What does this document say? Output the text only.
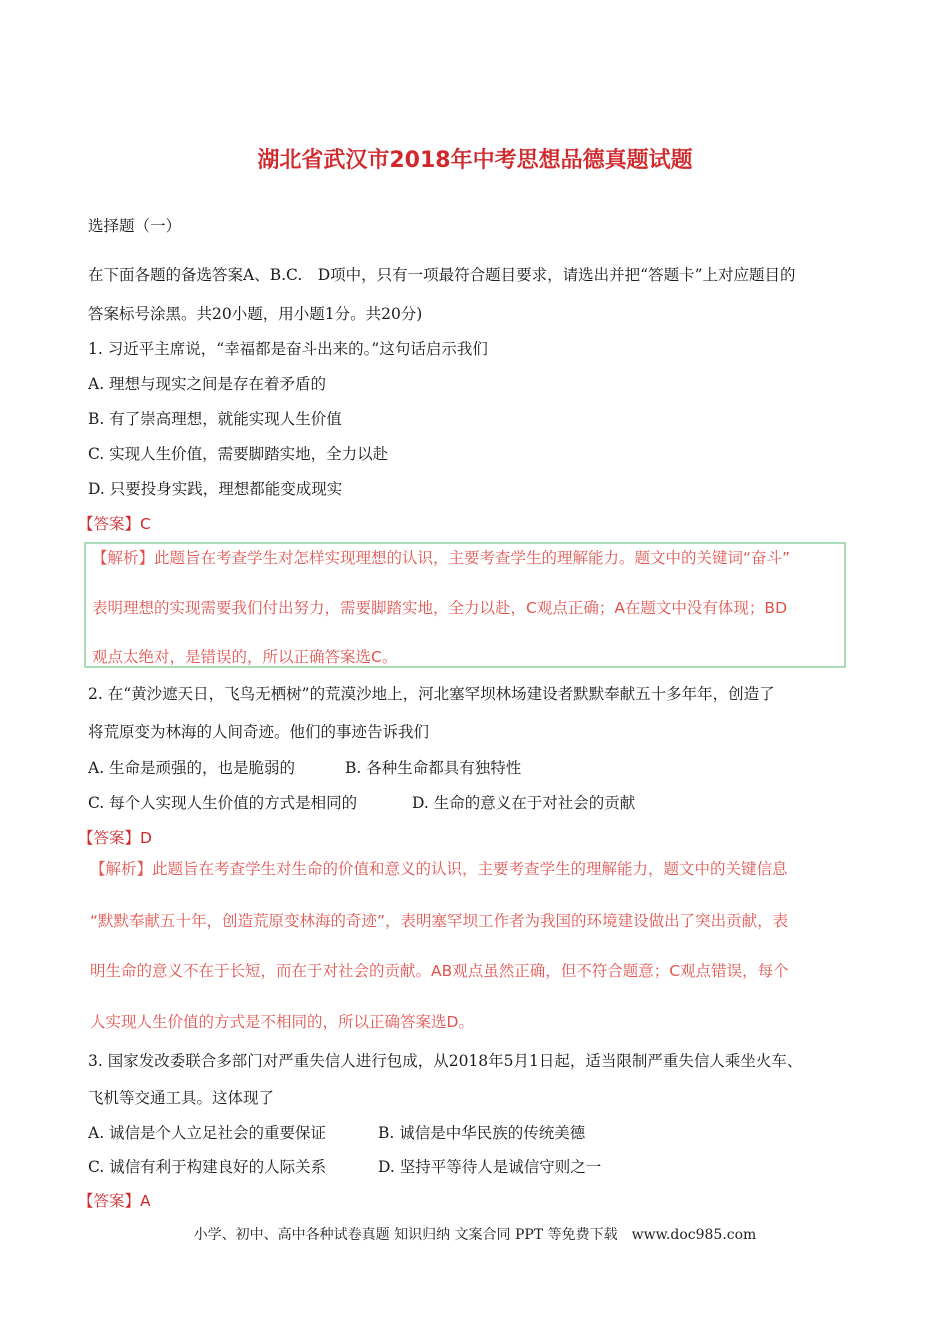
湖北省武汉市2018年中考思想品德真题试题
选择题（一）
在下面各题的备选答案A、B.C.　D项中，只有一项最符合题目要求，请选出并把“答题卡”上对应题目的
答案标号涂黑。共20小题，用小题1分。共20分)
1. 习近平主席说，“幸福都是奋斗出来的。”这句话启示我们
A. 理想与现实之间是存在着矛盾的
B. 有了崇高理想，就能实现人生价值
C. 实现人生价值，需要脚踏实地，全力以赴
D. 只要投身实践，理想都能变成现实
【答案】C
【解析】此题旨在考查学生对怎样实现理想的认识，主要考查学生的理解能力。题文中的关键词“奋斗”
表明理想的实现需要我们付出努力，需要脚踏实地，全力以赴，C观点正确；A在题文中没有体现；BD
观点太绝对，是错误的，所以正确答案选C。
2. 在“黄沙遮天日，飞鸟无栖树”的荒漠沙地上，河北塞罕坝林场建设者默默奉献五十多年年，创造了
将荒原变为林海的人间奇迹。他们的事迹告诉我们
A. 生命是顽强的，也是脆弱的	B. 各种生命都具有独特性
C. 每个人实现人生价值的方式是相同的	D. 生命的意义在于对社会的贡献
【答案】D
【解析】此题旨在考查学生对生命的价值和意义的认识，主要考查学生的理解能力，题文中的关键信息
“默默奉献五十年，创造荒原变林海的奇迹”，表明塞罕坝工作者为我国的环境建设做出了突出贡献，表
明生命的意义不在于长短，而在于对社会的贡献。AB观点虽然正确，但不符合题意；C观点错误，每个
人实现人生价值的方式是不相同的，所以正确答案选D。
3. 国家发改委联合多部门对严重失信人进行包成，从2018年5月1日起，适当限制严重失信人乘坐火车、
飞机等交通工具。这体现了
A. 诚信是个人立足社会的重要保证	B. 诚信是中华民族的传统美德
C. 诚信有利于构建良好的人际关系	D. 坚持平等待人是诚信守则之一
【答案】A
小学、初中、高中各种试卷真题 知识归纳 文案合同 PPT 等免费下载　www.doc985.com
